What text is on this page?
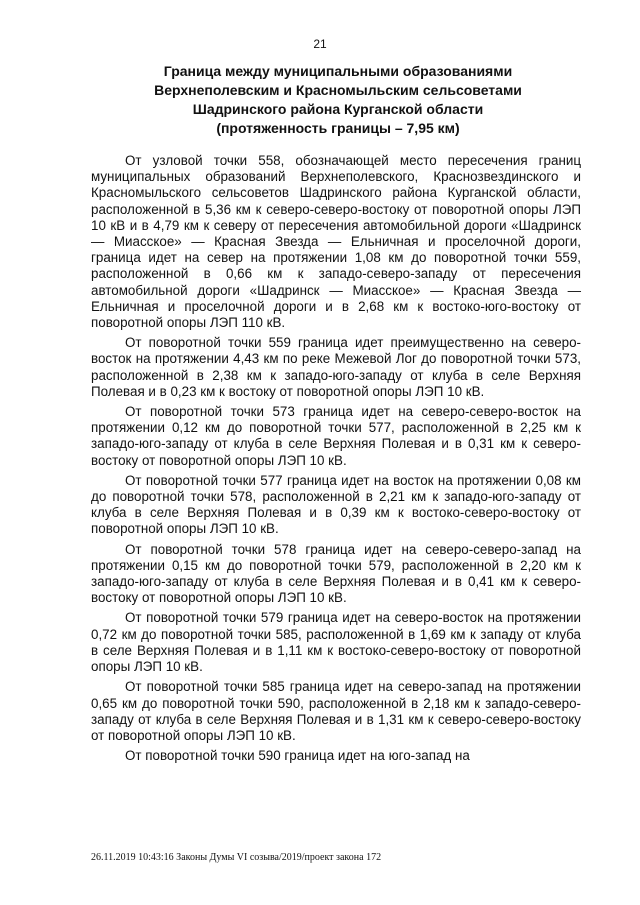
21
Граница между муниципальными образованиями
Верхнеполевским и Красномыльским сельсоветами
Шадринского района Курганской области
(протяженность границы – 7,95 км)

От узловой точки 558, обозначающей место пересечения границ муниципальных образований Верхнеполевского, Краснозвездинского и Красномыльского сельсоветов Шадринского района Курганской области, расположенной в 5,36 км к северо-северо-востоку от поворотной опоры ЛЭП 10 кВ и в 4,79 км к северу от пересечения автомобильной дороги «Шадринск — Миасское» — Красная Звезда — Ельничная и проселочной дороги, граница идет на север на протяжении 1,08 км до поворотной точки 559, расположенной в 0,66 км к западо-северо-западу от пересечения автомобильной дороги «Шадринск — Миасское» — Красная Звезда — Ельничная и проселочной дороги и в 2,68 км к востоко-юго-востоку от поворотной опоры ЛЭП 110 кВ.

От поворотной точки 559 граница идет преимущественно на северо-восток на протяжении 4,43 км по реке Межевой Лог до поворотной точки 573, расположенной в 2,38 км к западо-юго-западу от клуба в селе Верхняя Полевая и в 0,23 км к востоку от поворотной опоры ЛЭП 10 кВ.

От поворотной точки 573 граница идет на северо-северо-восток на протяжении 0,12 км до поворотной точки 577, расположенной в 2,25 км к западо-юго-западу от клуба в селе Верхняя Полевая и в 0,31 км к северо-востоку от поворотной опоры ЛЭП 10 кВ.

От поворотной точки 577 граница идет на восток на протяжении 0,08 км до поворотной точки 578, расположенной в 2,21 км к западо-юго-западу от клуба в селе Верхняя Полевая и в 0,39 км к востоко-северо-востоку от поворотной опоры ЛЭП 10 кВ.

От поворотной точки 578 граница идет на северо-северо-запад на протяжении 0,15 км до поворотной точки 579, расположенной в 2,20 км к западо-юго-западу от клуба в селе Верхняя Полевая и в 0,41 км к северо-востоку от поворотной опоры ЛЭП 10 кВ.

От поворотной точки 579 граница идет на северо-восток на протяжении 0,72 км до поворотной точки 585, расположенной в 1,69 км к западу от клуба в селе Верхняя Полевая и в 1,11 км к востоко-северо-востоку от поворотной опоры ЛЭП 10 кВ.

От поворотной точки 585 граница идет на северо-запад на протяжении 0,65 км до поворотной точки 590, расположенной в 2,18 км к западо-северо-западу от клуба в селе Верхняя Полевая и в 1,31 км к северо-северо-востоку от поворотной опоры ЛЭП 10 кВ.

От поворотной точки 590 граница идет на юго-запад на

26.11.2019 10:43:16 Законы Думы VI созыва/2019/проект закона 172
